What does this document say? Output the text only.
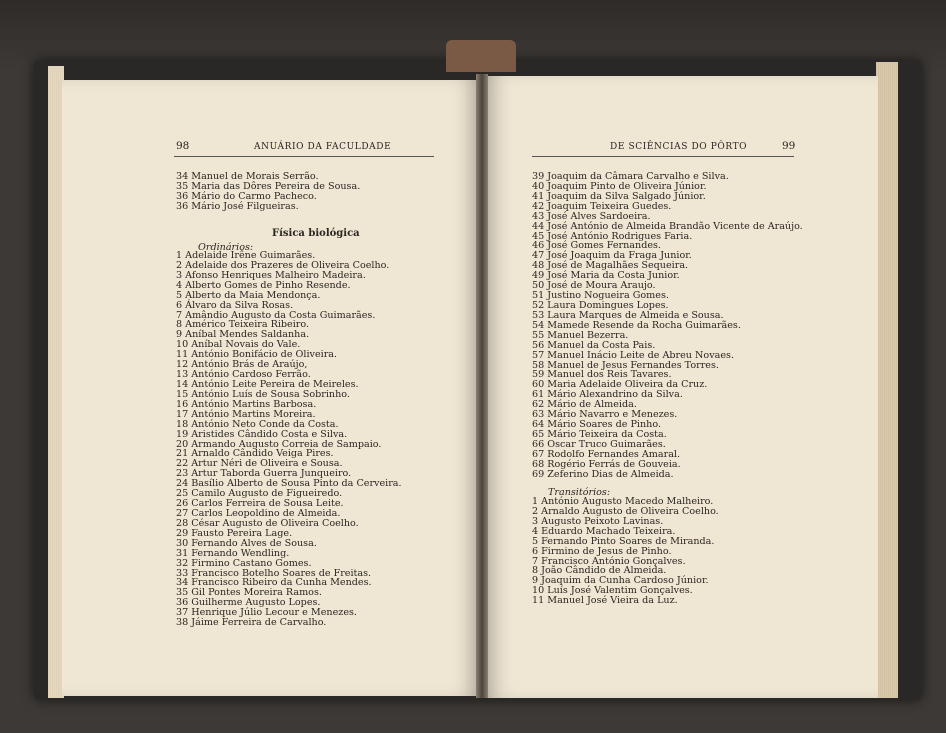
98	ANUÁRIO DA FACULDADE
34 Manuel de Morais Serrão.
35 Maria das Dôres Pereira de Sousa.
36 Mário do Carmo Pacheco.
36 Mário José Filgueiras.
Física biológica
Ordinários:
1 Adelaide Irêne Guimarães.
2 Adelaide dos Prazeres de Oliveira Coelho.
3 Afonso Henriques Malheiro Madeira.
4 Alberto Gomes de Pinho Resende.
5 Alberto da Maia Mendonça.
6 Álvaro da Silva Rosas.
7 Amândio Augusto da Costa Guimarães.
8 Américo Teixeira Ribeiro.
9 Aníbal Mendes Saldanha.
10 Aníbal Novais do Vale.
11 António Bonifácio de Oliveira.
12 António Brás de Araújo,
13 António Cardoso Ferrão.
14 António Leite Pereira de Meireles.
15 António Luís de Sousa Sobrinho.
16 António Martins Barbosa.
17 António Martins Moreira.
18 António Neto Conde da Costa.
19 Aristides Cândido Costa e Silva.
20 Armando Augusto Correia de Sampaio.
21 Arnaldo Cândido Veiga Pires.
22 Artur Néri de Oliveira e Sousa.
23 Artur Taborda Guerra Junqueiro.
24 Basílio Alberto de Sousa Pinto da Cerveira.
25 Camilo Augusto de Figueiredo.
26 Carlos Ferreira de Sousa Leite.
27 Carlos Leopoldino de Almeida.
28 César Augusto de Oliveira Coelho.
29 Fausto Pereira Lage.
30 Fernando Alves de Sousa.
31 Fernando Wendling.
32 Firmino Castano Gomes.
33 Francisco Botelho Soares de Freitas.
34 Francisco Ribeiro da Cunha Mendes.
35 Gil Pontes Moreira Ramos.
36 Guilherme Augusto Lopes.
37 Henrique Júlio Lecour e Menezes.
38 Jáime Ferreira de Carvalho.
DE SCIÊNCIAS DO PÔRTO	99
39 Joaquim da Câmara Carvalho e Silva.
40 Joaquim Pinto de Oliveira Júnior.
41 Joaquim da Silva Salgado Júnior.
42 Joaquim Teixeira Guedes.
43 José Alves Sardoeira.
44 José António de Almeida Brandão Vicente de Araújo.
45 José António Rodrigues Faria.
46 José Gomes Fernandes.
47 José Joaquim da Fraga Junior.
48 José de Magalhães Sequeira.
49 José Maria da Costa Junior.
50 José de Moura Araujo.
51 Justino Nogueira Gomes.
52 Laura Domingues Lopes.
53 Laura Marques de Almeida e Sousa.
54 Mamede Resende da Rocha Guimarães.
55 Manuel Bezerra.
56 Manuel da Costa Pais.
57 Manuel Inácio Leite de Abreu Novaes.
58 Manuel de Jesus Fernandes Torres.
59 Manuel dos Reis Tavares.
60 Maria Adelaide Oliveira da Cruz.
61 Mário Alexandrino da Silva.
62 Mário de Almeida.
63 Mário Navarro e Menezes.
64 Mário Soares de Pinho.
65 Mário Teixeira da Costa.
66 Oscar Truco Guimarães.
67 Rodolfo Fernandes Amaral.
68 Rogério Ferrás de Gouveia.
69 Zeferino Dias de Almeida.
Transitórios:
1 António Augusto Macedo Malheiro.
2 Arnaldo Augusto de Oliveira Coelho.
3 Augusto Peixoto Lavinas.
4 Eduardo Machado Teixeira.
5 Fernando Pinto Soares de Miranda.
6 Firmino de Jesus de Pinho.
7 Francisco António Gonçalves.
8 João Cândido de Almeida.
9 Joaquim da Cunha Cardoso Júnior.
10 Luís José Valentim Gonçalves.
11 Manuel José Vieira da Luz.
